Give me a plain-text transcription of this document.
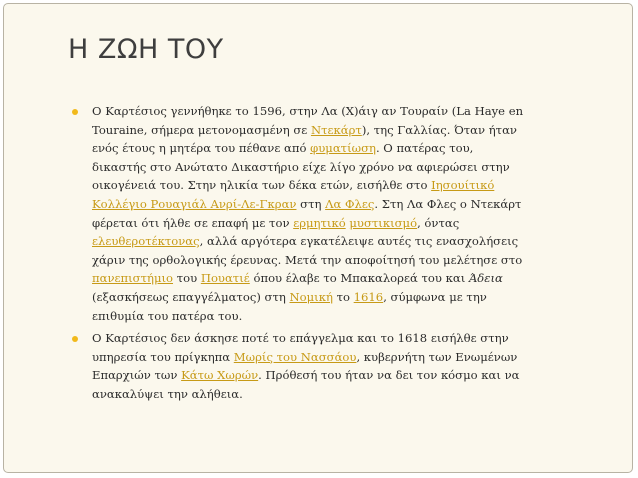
Η ΖΩΗ ΤΟΥ
Ο Καρτέσιος γεννήθηκε το 1596, στην Λα (Χ)άιγ αν Τουραίν (La Haye en
Touraine, σήμερα μετονομασμένη σε Ντεκάρτ), της Γαλλίας. Όταν ήταν
ενός έτους η μητέρα του πέθανε από φυματίωση. Ο πατέρας του,
δικαστής στο Ανώτατο Δικαστήριο είχε λίγο χρόνο να αφιερώσει στην
οικογένειά του. Στην ηλικία των δέκα ετών, εισήλθε στο Ιησουίτικό
Κολλέγιο Ρουαγιάλ Ανρί-Λε-Γκραν στη Λα Φλες. Στη Λα Φλες ο Ντεκάρτ
φέρεται ότι ήλθε σε επαφή με τον ερμητικό μυστικισμό, όντας
ελευθεροτέκτονας, αλλά αργότερα εγκατέλειψε αυτές τις ενασχολήσεις
χάριν της ορθολογικής έρευνας. Μετά την αποφοίτησή του μελέτησε στο
πανεπιστήμιο του Πουατιέ όπου έλαβε το Μπακαλορεά του και Άδεια
(εξασκήσεως επαγγέλματος) στη Νομική το 1616, σύμφωνα με την
επιθυμία του πατέρα του.
Ο Καρτέσιος δεν άσκησε ποτέ το επάγγελμα και το 1618 εισήλθε στην
υπηρεσία του πρίγκηπα Μωρίς του Νασσάου, κυβερνήτη των Ενωμένων
Επαρχιών των Κάτω Χωρών. Πρόθεσή του ήταν να δει τον κόσμο και να
ανακαλύψει την αλήθεια.
